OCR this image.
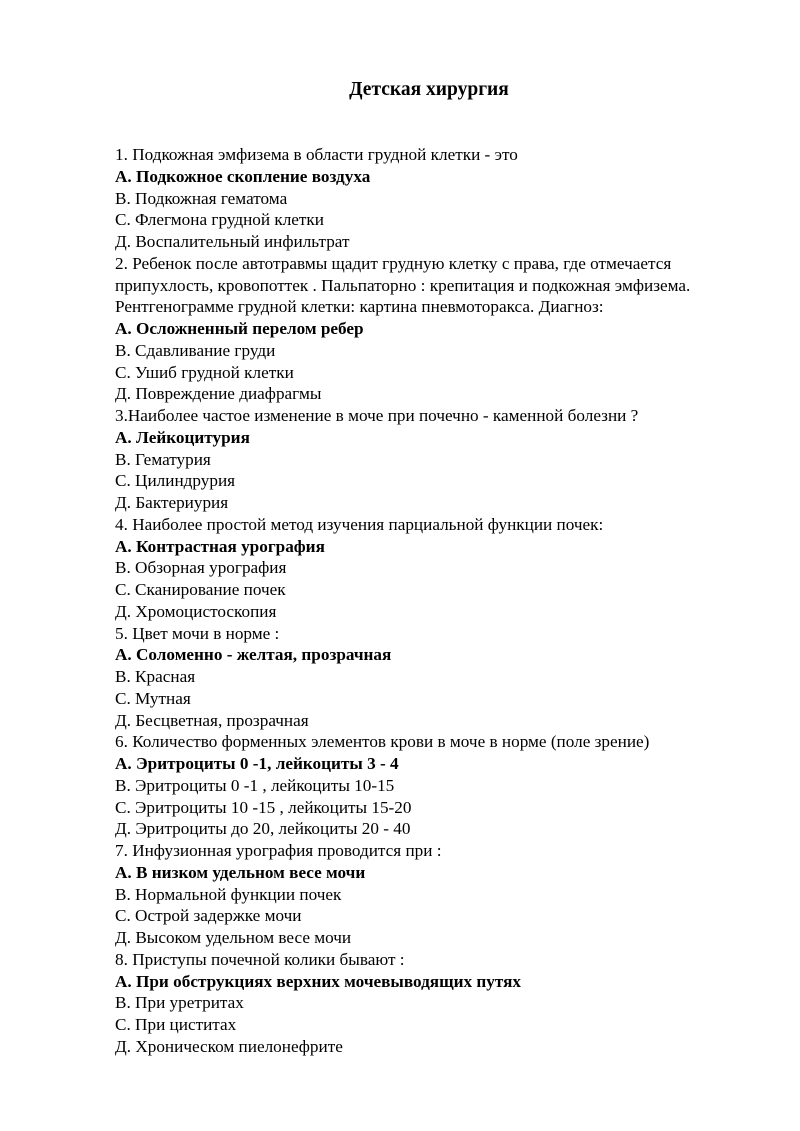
Детская хирургия
1. Подкожная эмфизема в области грудной клетки - это
А. Подкожное скопление воздуха
В. Подкожная гематома
С. Флегмона грудной клетки
Д. Воспалительный инфильтрат
2. Ребенок после автотравмы щадит грудную клетку с права, где отмечается припухлость, кровопоттек . Пальпаторно : крепитация и подкожная эмфизема. Рентгенограмме грудной клетки: картина пневмоторакса. Диагноз:
А. Осложненный перелом ребер
В. Сдавливание груди
С. Ушиб грудной клетки
Д. Повреждение диафрагмы
3.Наиболее частое изменение в моче при почечно - каменной болезни ?
А. Лейкоцитурия
В. Гематурия
С. Цилиндрурия
Д. Бактериурия
4. Наиболее простой метод изучения парциальной функции почек:
А. Контрастная урография
В. Обзорная урография
С. Сканирование почек
Д. Хромоцистоскопия
5. Цвет мочи в норме :
А. Соломенно - желтая, прозрачная
В. Красная
С. Мутная
Д. Бесцветная, прозрачная
6. Количество форменных элементов крови в моче в норме (поле зрение)
А. Эритроциты 0 -1, лейкоциты 3 - 4
В. Эритроциты 0 -1 , лейкоциты 10-15
С. Эритроциты 10 -15 , лейкоциты 15-20
Д. Эритроциты до 20, лейкоциты 20 - 40
7. Инфузионная урография проводится при :
А. В низком удельном весе мочи
В. Нормальной функции почек
С. Острой задержке мочи
Д. Высоком удельном весе мочи
8. Приступы почечной колики бывают :
А. При обструкциях верхних мочевыводящих путях
В. При уретритах
С. При циститах
Д. Хроническом пиелонефрите
